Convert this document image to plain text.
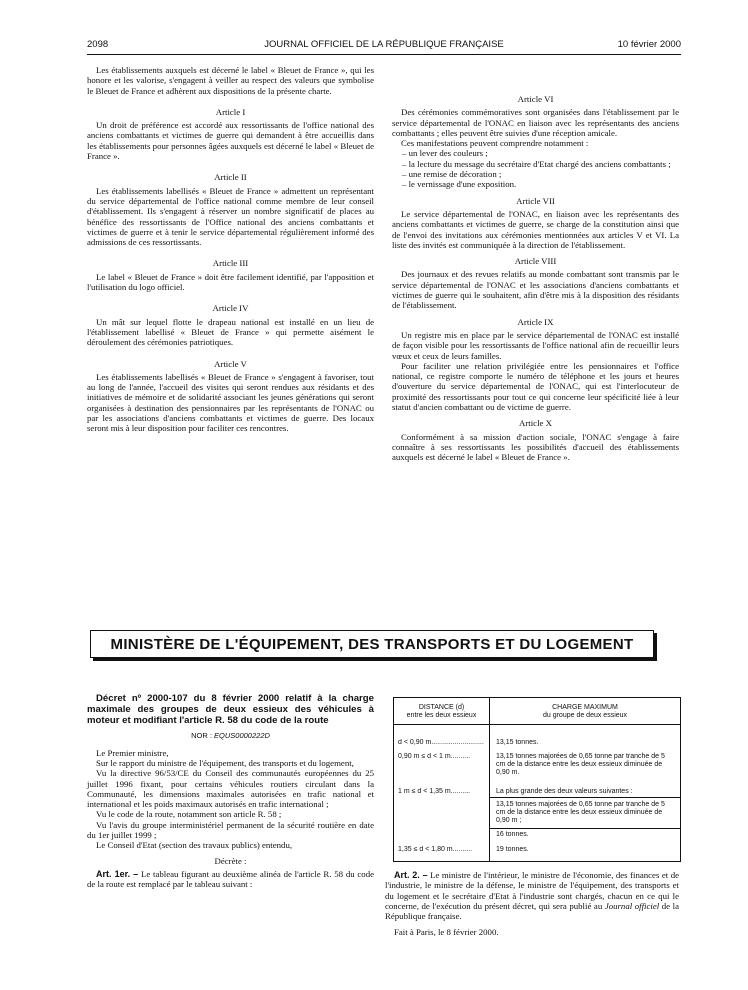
2098	JOURNAL OFFICIEL DE LA RÉPUBLIQUE FRANÇAISE	10 février 2000

Les établissements auxquels est décerné le label « Bleuet de France », qui les honore et les valorise, s'engagent à veiller au respect des valeurs que symbolise le Bleuet de France et adhèrent aux dispositions de la présente charte.

Article I

Un droit de préférence est accordé aux ressortissants de l'office national des anciens combattants et victimes de guerre qui demandent à être accueillis dans les établissements pour personnes âgées auxquels est décerné le label « Bleuet de France ».

Article II

Les établissements labellisés « Bleuet de France » admettent un représentant du service départemental de l'office national comme membre de leur conseil d'établissement. Ils s'engagent à réserver un nombre significatif de places au bénéfice des ressortissants de l'Office national des anciens combattants et victimes de guerre et à tenir le service départemental régulièrement informé des admissions de ces ressortissants.

Article III

Le label « Bleuet de France » doit être facilement identifié, par l'apposition et l'utilisation du logo officiel.

Article IV

Un mât sur lequel flotte le drapeau national est installé en un lieu de l'établissement labellisé « Bleuet de France » qui permette aisément le déroulement des cérémonies patriotiques.

Article V

Les établissements labellisés « Bleuet de France » s'engagent à favoriser, tout au long de l'année, l'accueil des visites qui seront rendues aux résidants et des initiatives de mémoire et de solidarité associant les jeunes générations qui seront organisées à destination des pensionnaires par les représentants de l'ONAC ou par les associations d'anciens combattants et victimes de guerre. Des locaux seront mis à leur disposition pour faciliter ces rencontres.

Article VI

Des cérémonies commémoratives sont organisées dans l'établissement par le service départemental de l'ONAC en liaison avec les représentants des anciens combattants ; elles peuvent être suivies d'une réception amicale.

Ces manifestations peuvent comprendre notamment :

– un lever des couleurs ;
– la lecture du message du secrétaire d'Etat chargé des anciens combattants ;
– une remise de décoration ;
– le vernissage d'une exposition.
Article VII

Le service départemental de l'ONAC, en liaison avec les représentants des anciens combattants et victimes de guerre, se charge de la constitution ainsi que de l'envoi des invitations aux cérémonies mentionnées aux articles V et VI. La liste des invités est communiquée à la direction de l'établissement.

Article VIII

Des journaux et des revues relatifs au monde combattant sont transmis par le service départemental de l'ONAC et les associations d'anciens combattants et victimes de guerre qui le souhaitent, afin d'être mis à la disposition des résidants de l'établissement.

Article IX

Un registre mis en place par le service départemental de l'ONAC est installé de façon visible pour les ressortissants de l'office national afin de recueillir leurs vœux et ceux de leurs familles.

Pour faciliter une relation privilégiée entre les pensionnaires et l'office national, ce registre comporte le numéro de téléphone et les jours et heures d'ouverture du service départemental de l'ONAC, qui est l'interlocuteur de proximité des ressortissants pour tout ce qui concerne leur spécificité liée à leur statut d'ancien combattant ou de victime de guerre.

Article X

Conformément à sa mission d'action sociale, l'ONAC s'engage à faire connaître à ses ressortissants les possibilités d'accueil des établissements auxquels est décerné le label « Bleuet de France ».

MINISTÈRE DE L'ÉQUIPEMENT, DES TRANSPORTS ET DU LOGEMENT

Décret nº 2000-107 du 8 février 2000 relatif à la charge maximale des groupes de deux essieux des véhicules à moteur et modifiant l'article R. 58 du code de la route

NOR : EQUS0000222D

Le Premier ministre,

Sur le rapport du ministre de l'équipement, des transports et du logement,

Vu la directive 96/53/CE du Conseil des communautés européennes du 25 juillet 1996 fixant, pour certains véhicules routiers circulant dans la Communauté, les dimensions maximales autorisées en trafic national et international et les poids maximaux autorisés en trafic international ;

Vu le code de la route, notamment son article R. 58 ;

Vu l'avis du groupe interministériel permanent de la sécurité routière en date du 1er juillet 1999 ;

Le Conseil d'Etat (section des travaux publics) entendu,

Décrète :

Art. 1er. – Le tableau figurant au deuxième alinéa de l'article R. 58 du code de la route est remplacé par le tableau suivant :

DISTANCE (d)
entre les deux essieux
CHARGE MAXIMUM
du groupe de deux essieux
d < 0,90 m...........................	13,15 tonnes.
0,90 m ≤ d < 1 m..........	13,15 tonnes majorées de 0,65 tonne par tranche de 5 cm de la distance entre les deux essieux diminuée de 0,90 m.
1 m ≤ d < 1,35 m..........	La plus grande des deux valeurs suivantes :
13,15 tonnes majorées de 0,65 tonne par tranche de 5 cm de la distance entre les deux essieux diminuée de 0,90 m ;
16 tonnes.
1,35 ≤ d < 1,80 m..........	19 tonnes.

Art. 2. – Le ministre de l'intérieur, le ministre de l'économie, des finances et de l'industrie, le ministre de la défense, le ministre de l'équipement, des transports et du logement et le secrétaire d'Etat à l'industrie sont chargés, chacun en ce qui le concerne, de l'exécution du présent décret, qui sera publié au Journal officiel de la République française.

Fait à Paris, le 8 février 2000.
